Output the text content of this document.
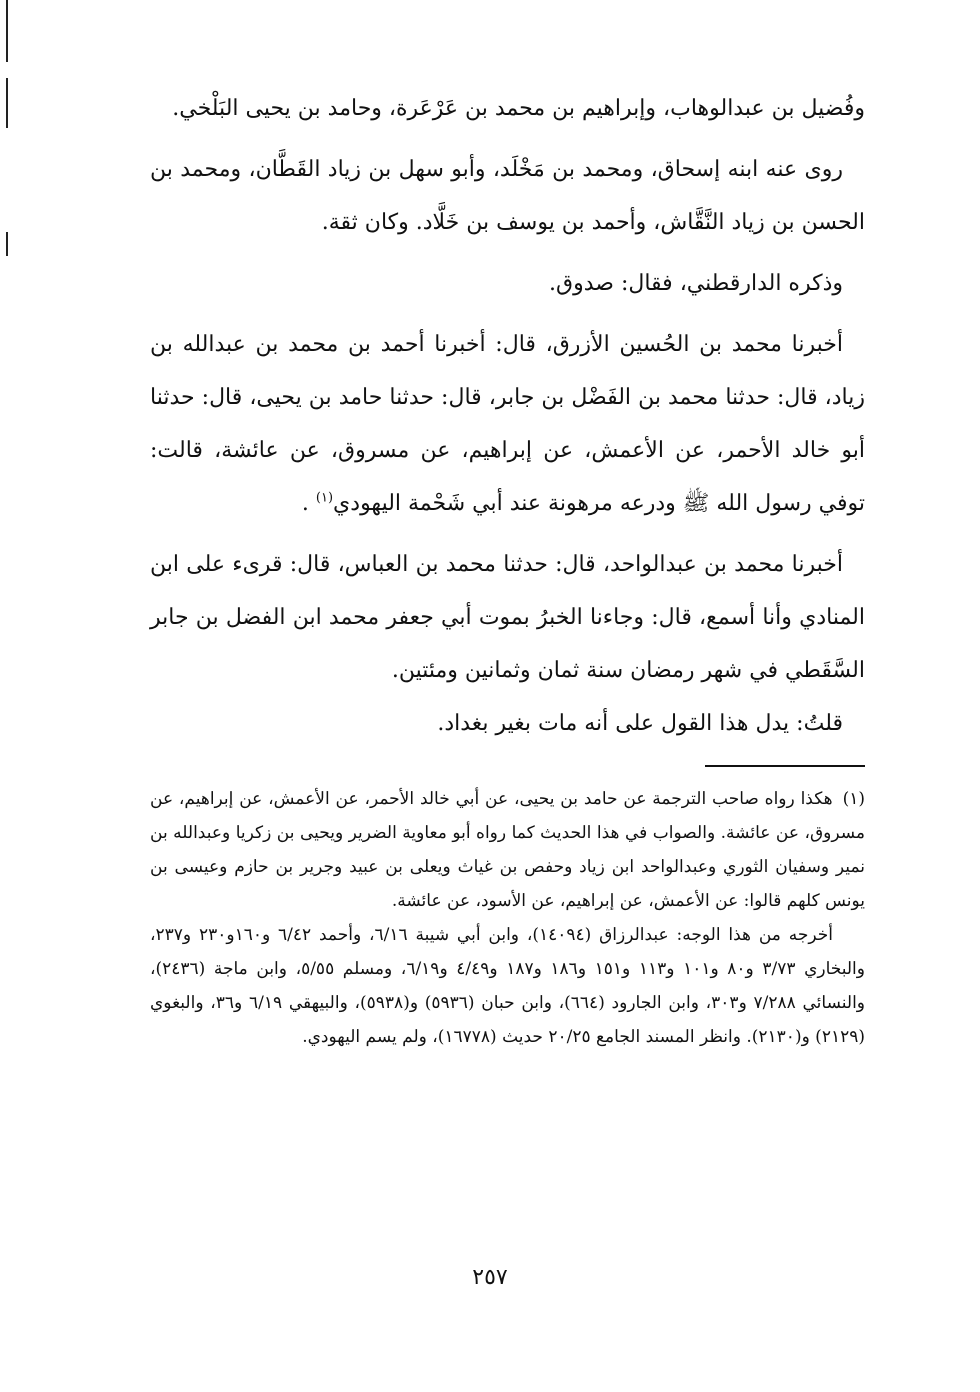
وفُضيل بن عبدالوهاب، وإبراهيم بن محمد بن عَرْعَرة، وحامد بن يحيى البَلْخي.

روى عنه ابنه إسحاق، ومحمد بن مَخْلَد، وأبو سهل بن زياد القَطَّان، ومحمد بن الحسن بن زياد النَّقَّاش، وأحمد بن يوسف بن خَلَّاد. وكان ثقة.

وذكره الدارقطني، فقال: صدوق.

أخبرنا محمد بن الحُسين الأزرق، قال: أخبرنا أحمد بن محمد بن عبدالله بن زياد، قال: حدثنا محمد بن الفَضْل بن جابر، قال: حدثنا حامد بن يحيى، قال: حدثنا أبو خالد الأحمر، عن الأعمش، عن إبراهيم، عن مسروق، عن عائشة، قالت: توفي رسول الله ﷺ ودرعه مرهونة عند أبي شَحْمة اليهودي$^{(١)}$ .

أخبرنا محمد بن عبدالواحد، قال: حدثنا محمد بن العباس، قال: قرىء على ابن المنادي وأنا أسمع، قال: وجاءنا الخبرُ بموت أبي جعفر محمد ابن الفضل بن جابر السَّقَطي في شهر رمضان سنة ثمان وثمانين ومئتين.

قلتُ: يدل هذا القول على أنه مات بغير بغداد.

(١)هكذا رواه صاحب الترجمة عن حامد بن يحيى، عن أبي خالد الأحمر، عن الأعمش، عن إبراهيم، عن مسروق، عن عائشة. والصواب في هذا الحديث كما رواه أبو معاوية الضرير ويحيى بن زكريا وعبدالله بن نمير وسفيان الثوري وعبدالواحد ابن زياد وحفص بن غياث ويعلى بن عبيد وجرير بن حازم وعيسى بن يونس كلهم قالوا: عن الأعمش، عن إبراهيم، عن الأسود، عن عائشة.

أخرجه من هذا الوجه: عبدالرزاق (١٤٠٩٤)، وابن أبي شيبة ٦/١٦، وأحمد ٦/٤٢ و١٦٠و٢٣٠ و٢٣٧، والبخاري ٣/٧٣ و٨٠ و١٠١ و١١٣ و١٥١ و١٨٦ و١٨٧ و٤/٤٩ و٦/١٩، ومسلم ٥/٥٥، وابن ماجة (٢٤٣٦)، والنسائي ٧/٢٨٨ و٣٠٣، وابن الجارود (٦٦٤)، وابن حبان (٥٩٣٦) و(٥٩٣٨)، والبيهقي ٦/١٩ و٣٦، والبغوي (٢١٢٩) و(٢١٣٠). وانظر المسند الجامع ٢٠/٢٥ حديث (١٦٧٧٨)، ولم يسم اليهودي.

٢٥٧
